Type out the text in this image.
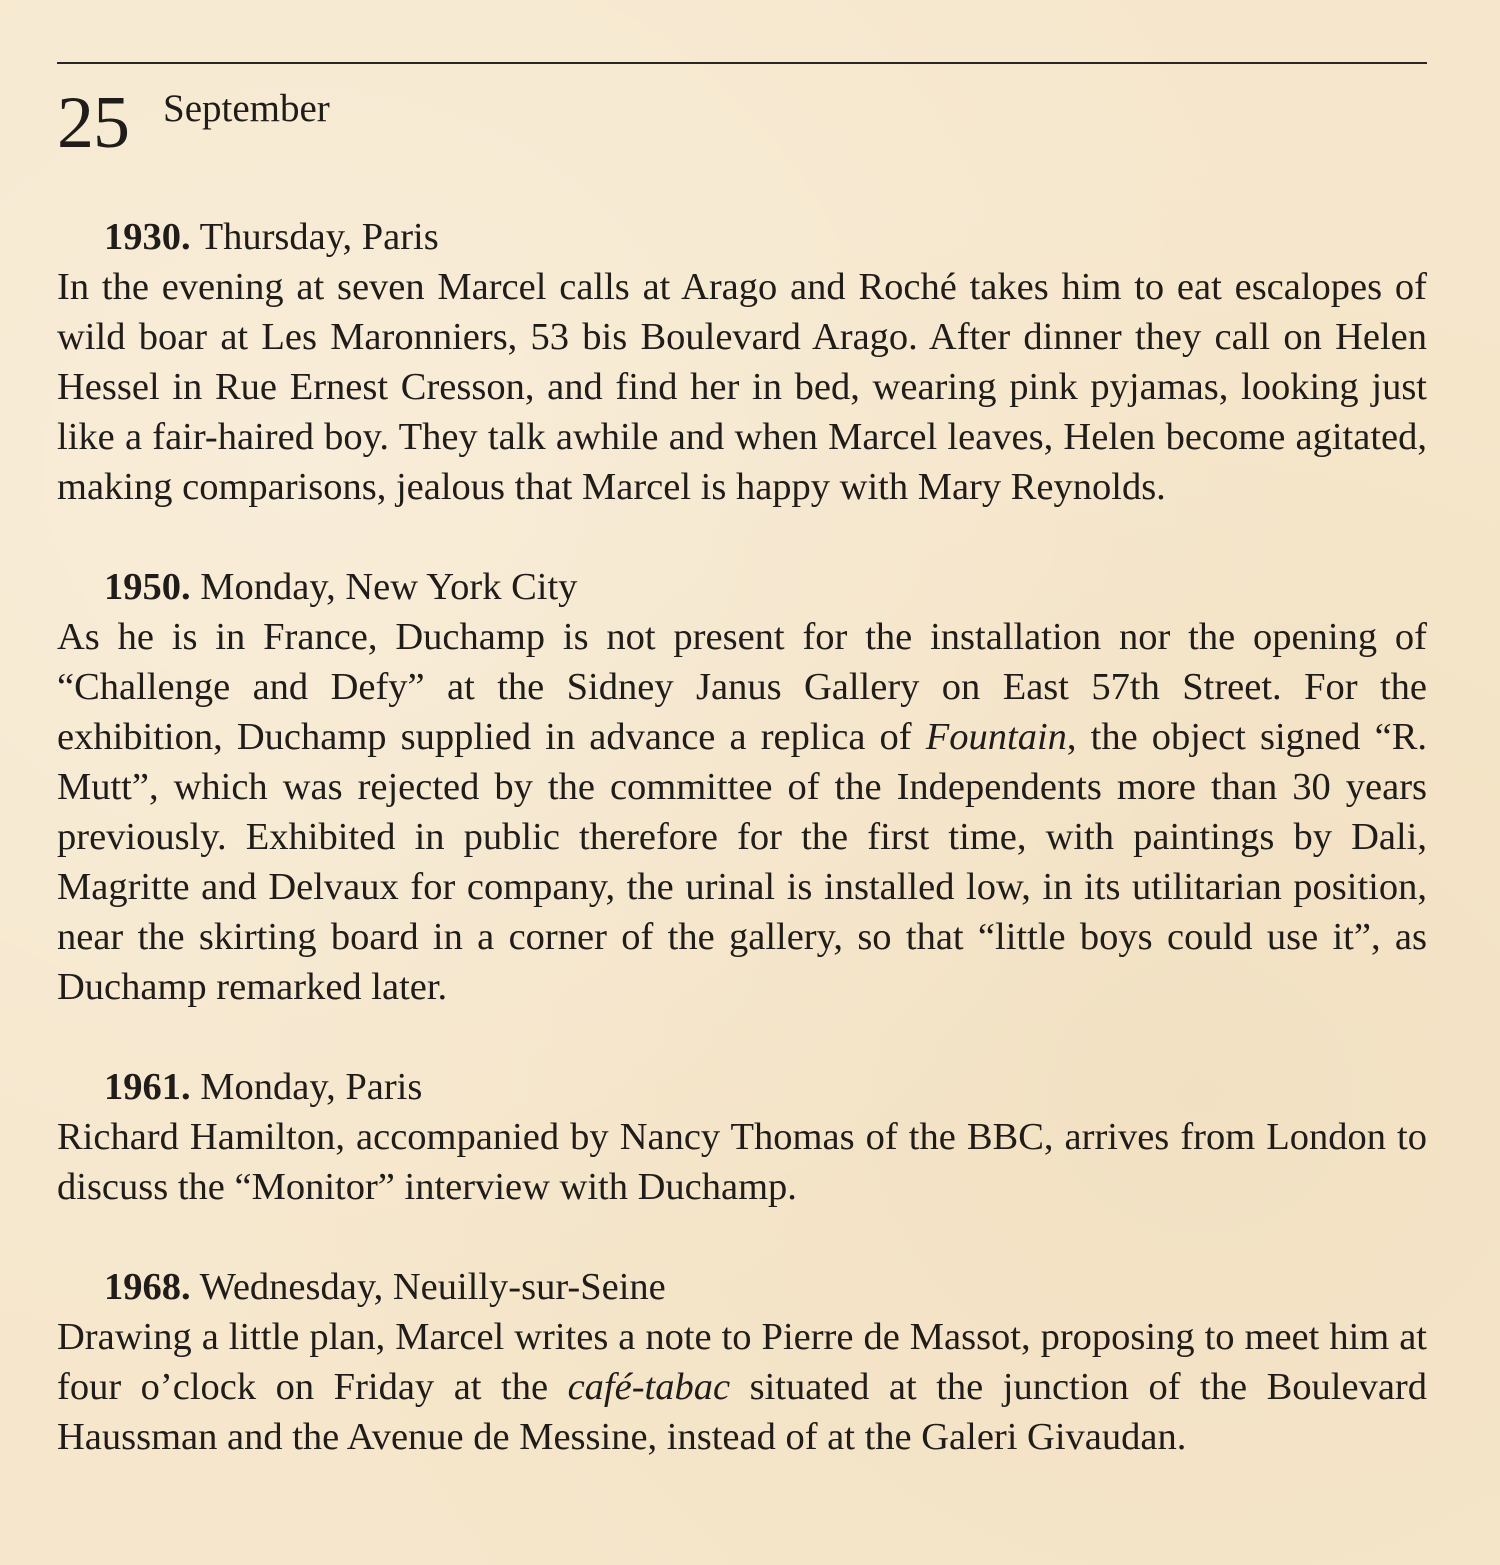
25 September

1930. Thursday, Paris

In the evening at seven Marcel calls at Arago and Roché takes him to eat escalopes of wild boar at Les Maronniers, 53 bis Boulevard Arago. After dinner they call on Helen Hessel in Rue Ernest Cresson, and find her in bed, wearing pink pyjamas, looking just like a fair-haired boy. They talk awhile and when Marcel leaves, Helen become agitated, making comparisons, jealous that Marcel is happy with Mary Reynolds.

1950. Monday, New York City

As he is in France, Duchamp is not present for the installation nor the opening of “Challenge and Defy” at the Sidney Janus Gallery on East 57th Street. For the exhibition, Duchamp supplied in advance a replica of Fountain, the object signed “R. Mutt”, which was rejected by the committee of the Independents more than 30 years previously. Exhibited in public therefore for the first time, with paintings by Dali, Magritte and Delvaux for company, the urinal is installed low, in its utilitarian position, near the skirting board in a corner of the gallery, so that “little boys could use it”, as Duchamp remarked later.

1961. Monday, Paris

Richard Hamilton, accompanied by Nancy Thomas of the BBC, arrives from London to discuss the “Monitor” interview with Duchamp.

1968. Wednesday, Neuilly-sur-Seine

Drawing a little plan, Marcel writes a note to Pierre de Massot, proposing to meet him at four o’clock on Friday at the café-tabac situated at the junction of the Boulevard Haussman and the Avenue de Messine, instead of at the Galeri Givaudan.
